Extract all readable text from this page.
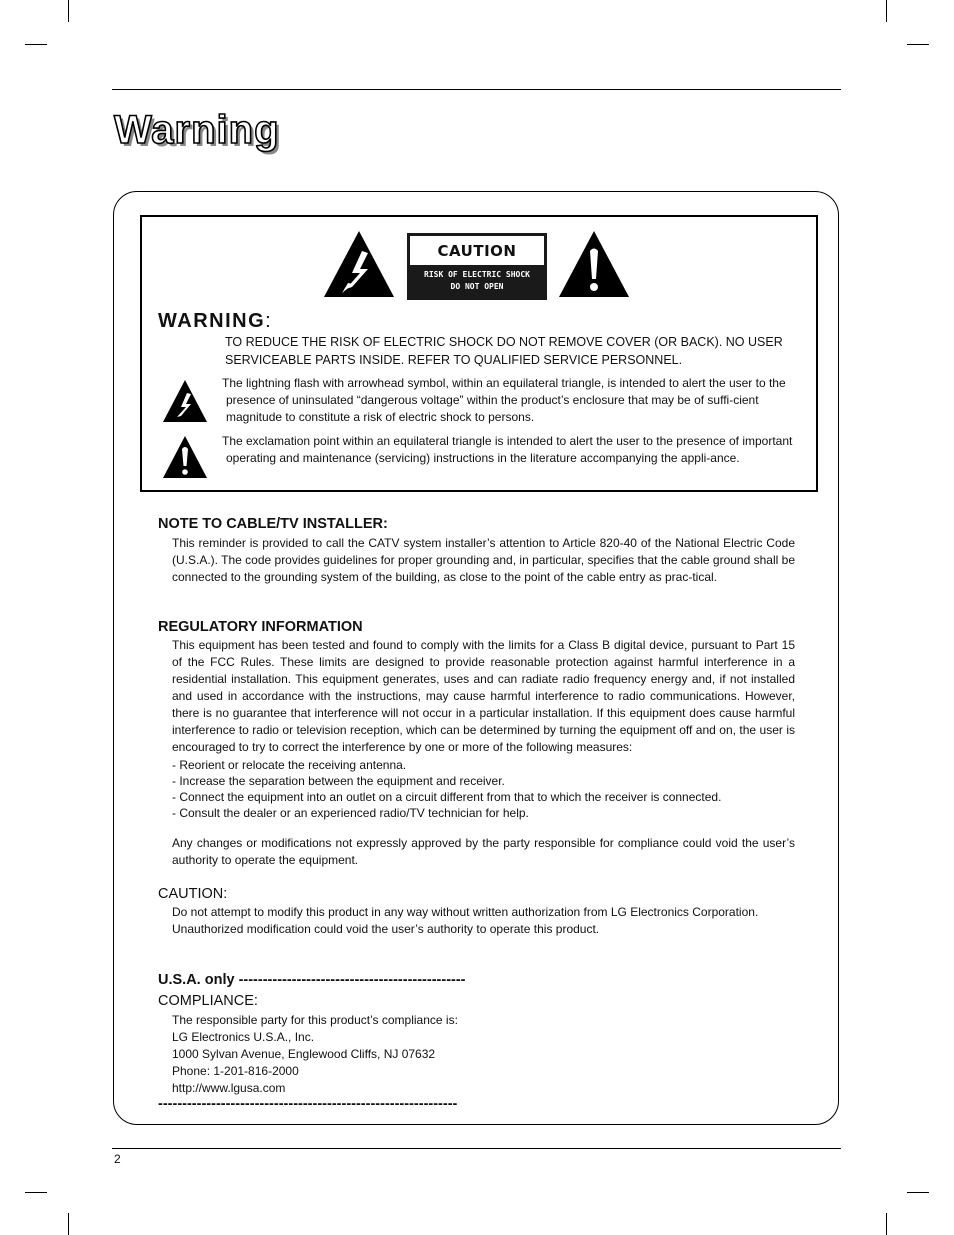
Warning
CAUTION
RISK OF ELECTRIC SHOCK
DO NOT OPEN
WARNING:
TO REDUCE THE RISK OF ELECTRIC SHOCK DO NOT REMOVE COVER (OR BACK). NO USER SERVICEABLE PARTS INSIDE. REFER TO QUALIFIED SERVICE PERSONNEL.
The lightning flash with arrowhead symbol, within an equilateral triangle, is intended to alert the user to the presence of uninsulated “dangerous voltage” within the product’s enclosure that may be of suffi-cient magnitude to constitute a risk of electric shock to persons.
The exclamation point within an equilateral triangle is intended to alert the user to the presence of important operating and maintenance (servicing) instructions in the literature accompanying the appli-ance.
NOTE TO CABLE/TV INSTALLER:
This reminder is provided to call the CATV system installer’s attention to Article 820-40 of the National Electric Code (U.S.A.). The code provides guidelines for proper grounding and, in particular, specifies that the cable ground shall be connected to the grounding system of the building, as close to the point of the cable entry as prac-tical.
REGULATORY INFORMATION
This equipment has been tested and found to comply with the limits for a Class B digital device, pursuant to Part 15 of the FCC Rules. These limits are designed to provide reasonable protection against harmful interference in a residential installation. This equipment generates, uses and can radiate radio frequency energy and, if not installed and used in accordance with the instructions, may cause harmful interference to radio communications. However, there is no guarantee that interference will not occur in a particular installation. If this equipment does cause harmful interference to radio or television reception, which can be determined by turning the equipment off and on, the user is encouraged to try to correct the interference by one or more of the following measures:
- Reorient or relocate the receiving antenna.
- Increase the separation between the equipment and receiver.
- Connect the equipment into an outlet on a circuit different from that to which the receiver is connected.
- Consult the dealer or an experienced radio/TV technician for help.
Any changes or modifications not expressly approved by the party responsible for compliance could void the user’s authority to operate the equipment.
CAUTION:
Do not attempt to modify this product in any way without written authorization from LG Electronics Corporation. Unauthorized modification could void the user’s authority to operate this product.
U.S.A. only -----------------------------------------------
COMPLIANCE:
The responsible party for this product’s compliance is:
LG Electronics U.S.A., Inc.
1000 Sylvan Avenue, Englewood Cliffs, NJ 07632
Phone: 1-201-816-2000
http://www.lgusa.com
--------------------------------------------------------------
2
